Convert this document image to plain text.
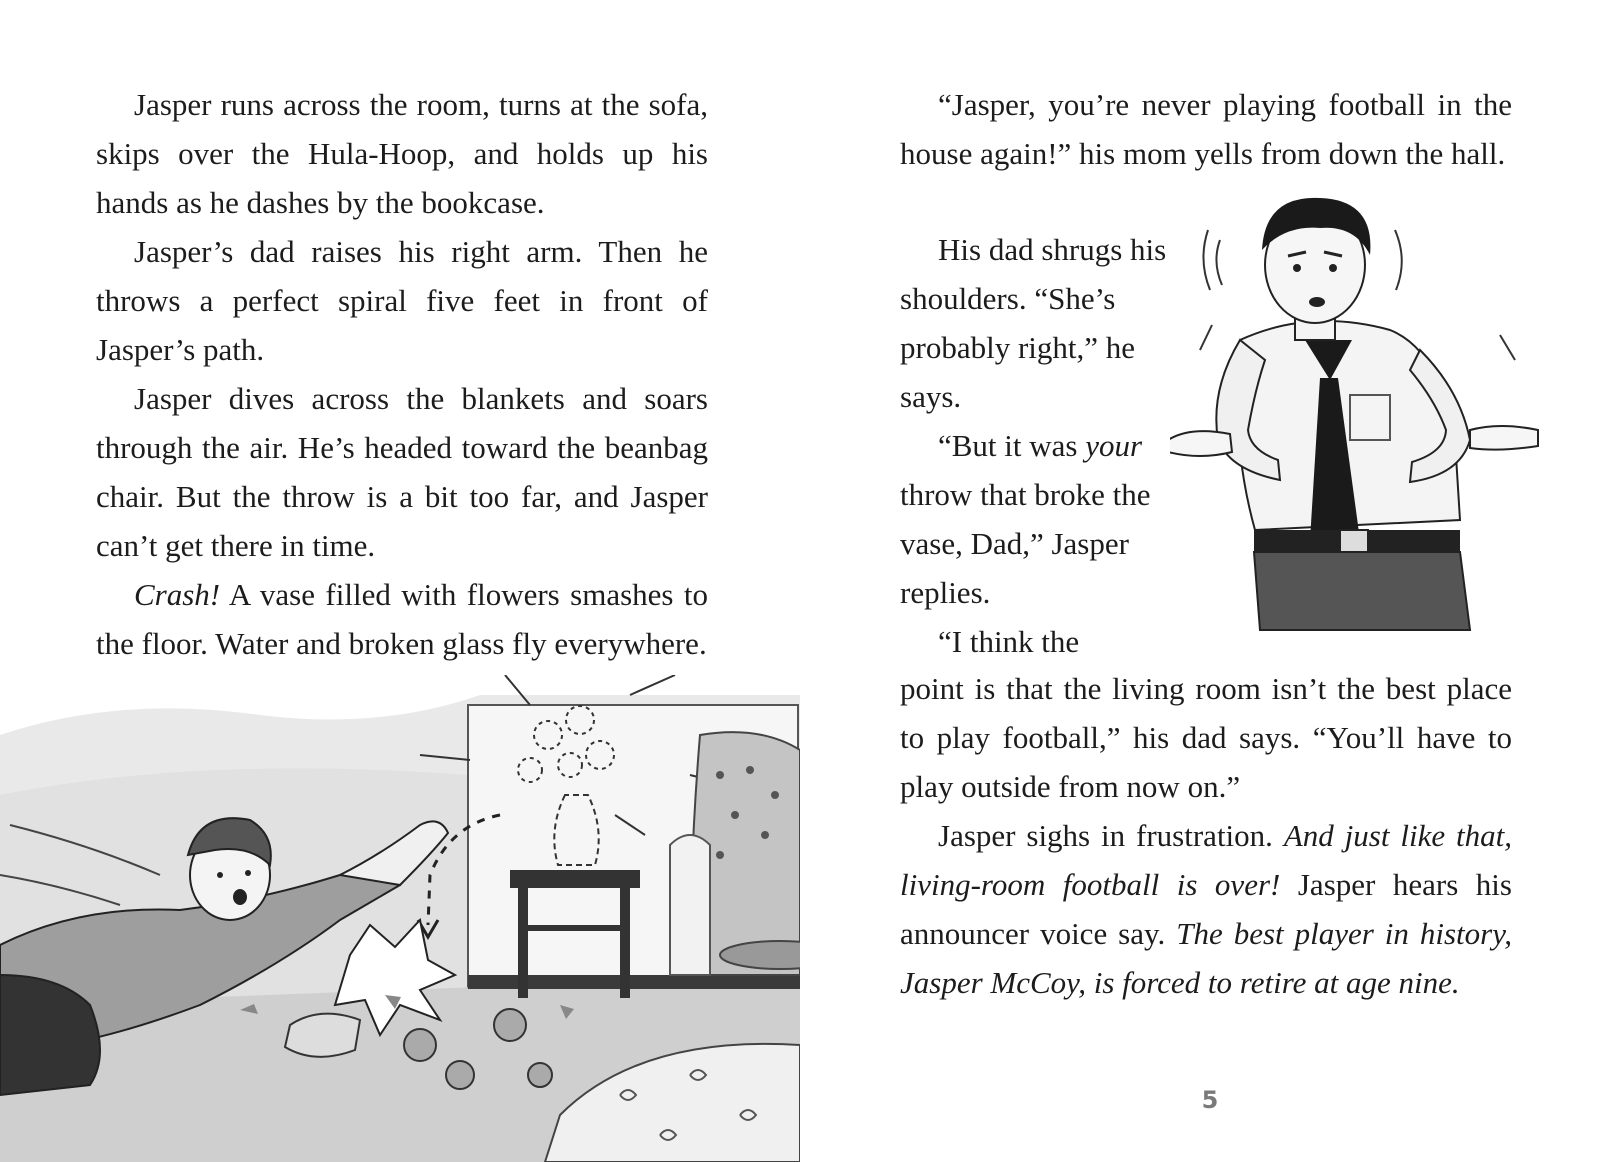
Jasper runs across the room, turns at the sofa, skips over the Hula-Hoop, and holds up his hands as he dashes by the bookcase.

Jasper’s dad raises his right arm. Then he throws a perfect spiral five feet in front of Jasper’s path.

Jasper dives across the blankets and soars through the air. He’s headed toward the beanbag chair. But the throw is a bit too far, and Jasper can’t get there in time.

Crash! A vase filled with flowers smashes to the floor. Water and broken glass fly everywhere.

“Jasper, you’re never playing football in the house again!” his mom yells from down the hall.

His dad shrugs his shoulders. “She’s probably right,” he says.

“But it was your throw that broke the vase, Dad,” Jasper replies.

“I think the

point is that the living room isn’t the best place to play football,” his dad says. “You’ll have to play outside from now on.”

Jasper sighs in frustration. And just like that, living-room football is over! Jasper hears his announcer voice say. The best player in history, Jasper McCoy, is forced to retire at age nine.

5
